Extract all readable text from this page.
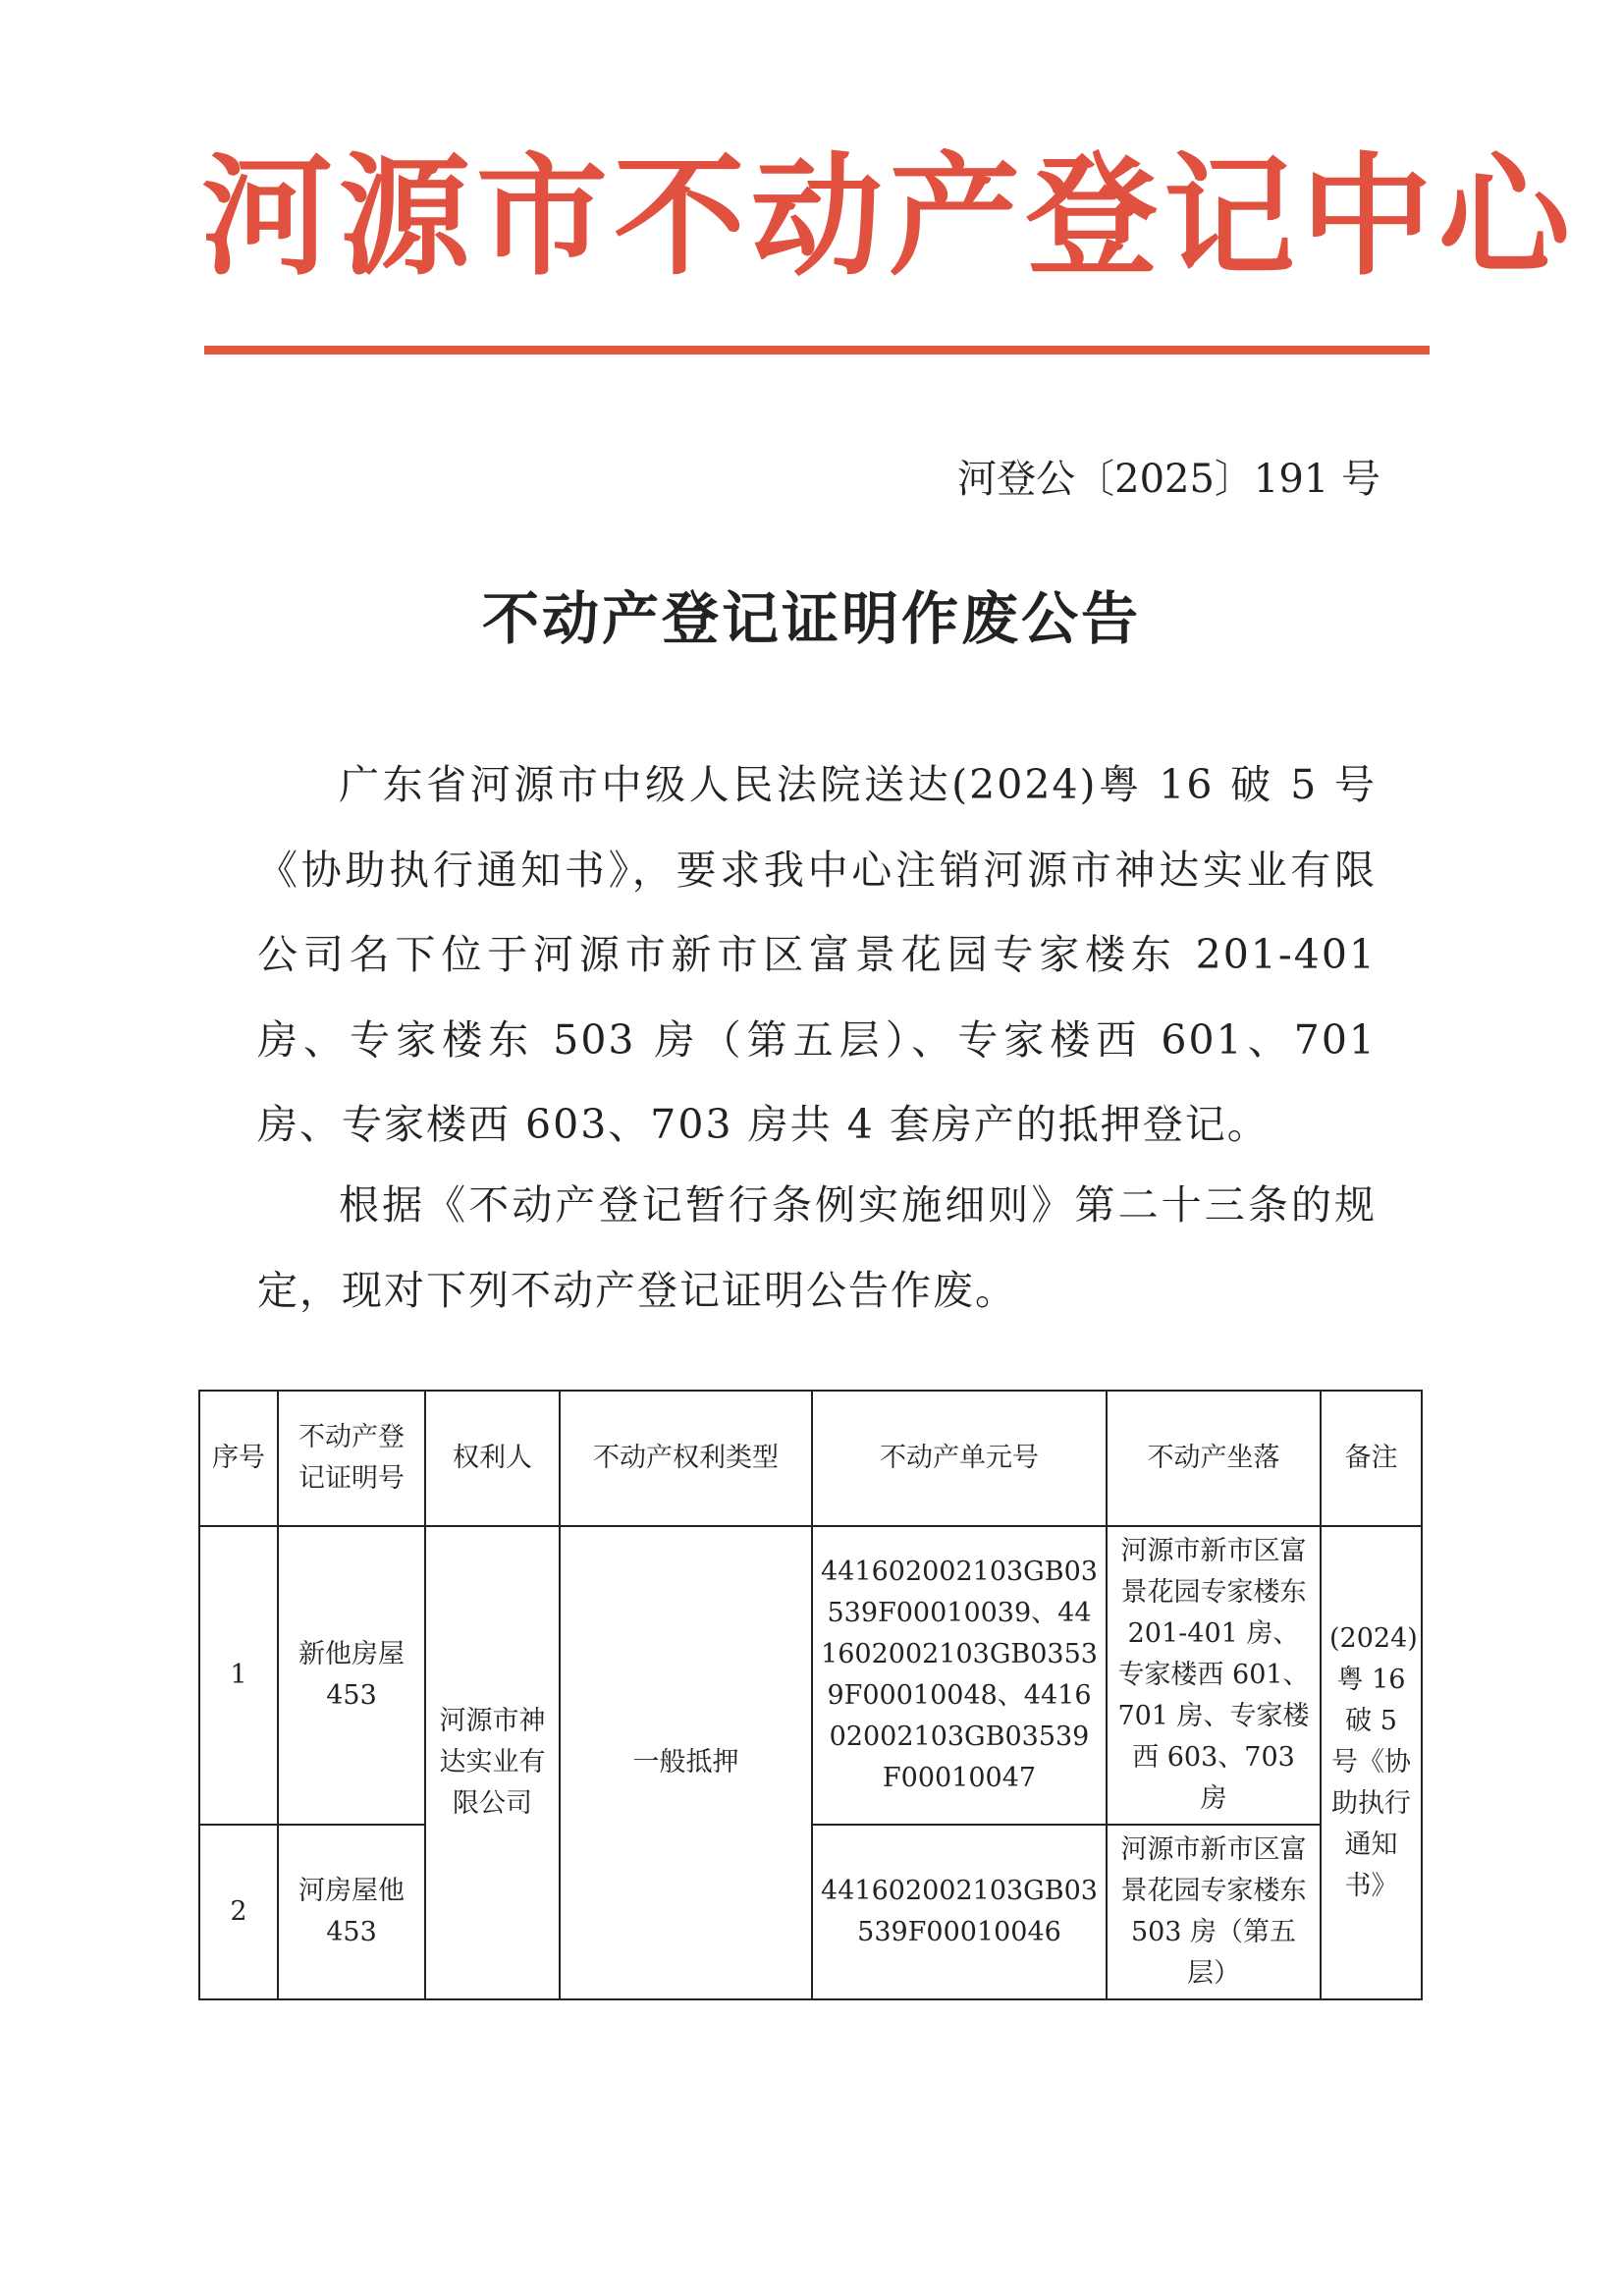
河源市不动产登记中心
河登公〔2025〕191 号
不动产登记证明作废公告

广东省河源市中级人民法院送达(2024)粤 16 破 5 号《协助执行通知书》，要求我中心注销河源市神达实业有限公司名下位于河源市新市区富景花园专家楼东 201-401 房、专家楼东 503 房（第五层）、专家楼西 601、701 房、专家楼西 603、703 房共 4 套房产的抵押登记。

根据《不动产登记暂行条例实施细则》第二十三条的规定，现对下列不动产登记证明公告作废。

序号	不动产登记证明号	权利人	不动产权利类型	不动产单元号	不动产坐落	备注
1	新他房屋 453	河源市神达实业有限公司	一般抵押	441602002103GB03539F00010039、441602002103GB03539F00010048、441602002103GB03539F00010047	河源市新市区富景花园专家楼东 201-401 房、专家楼西 601、701 房、专家楼西 603、703 房	(2024)粤 16 破 5 号《协助执行通知书》
2	河房屋他 453			441602002103GB03539F00010046	河源市新市区富景花园专家楼东 503 房（第五层）	
